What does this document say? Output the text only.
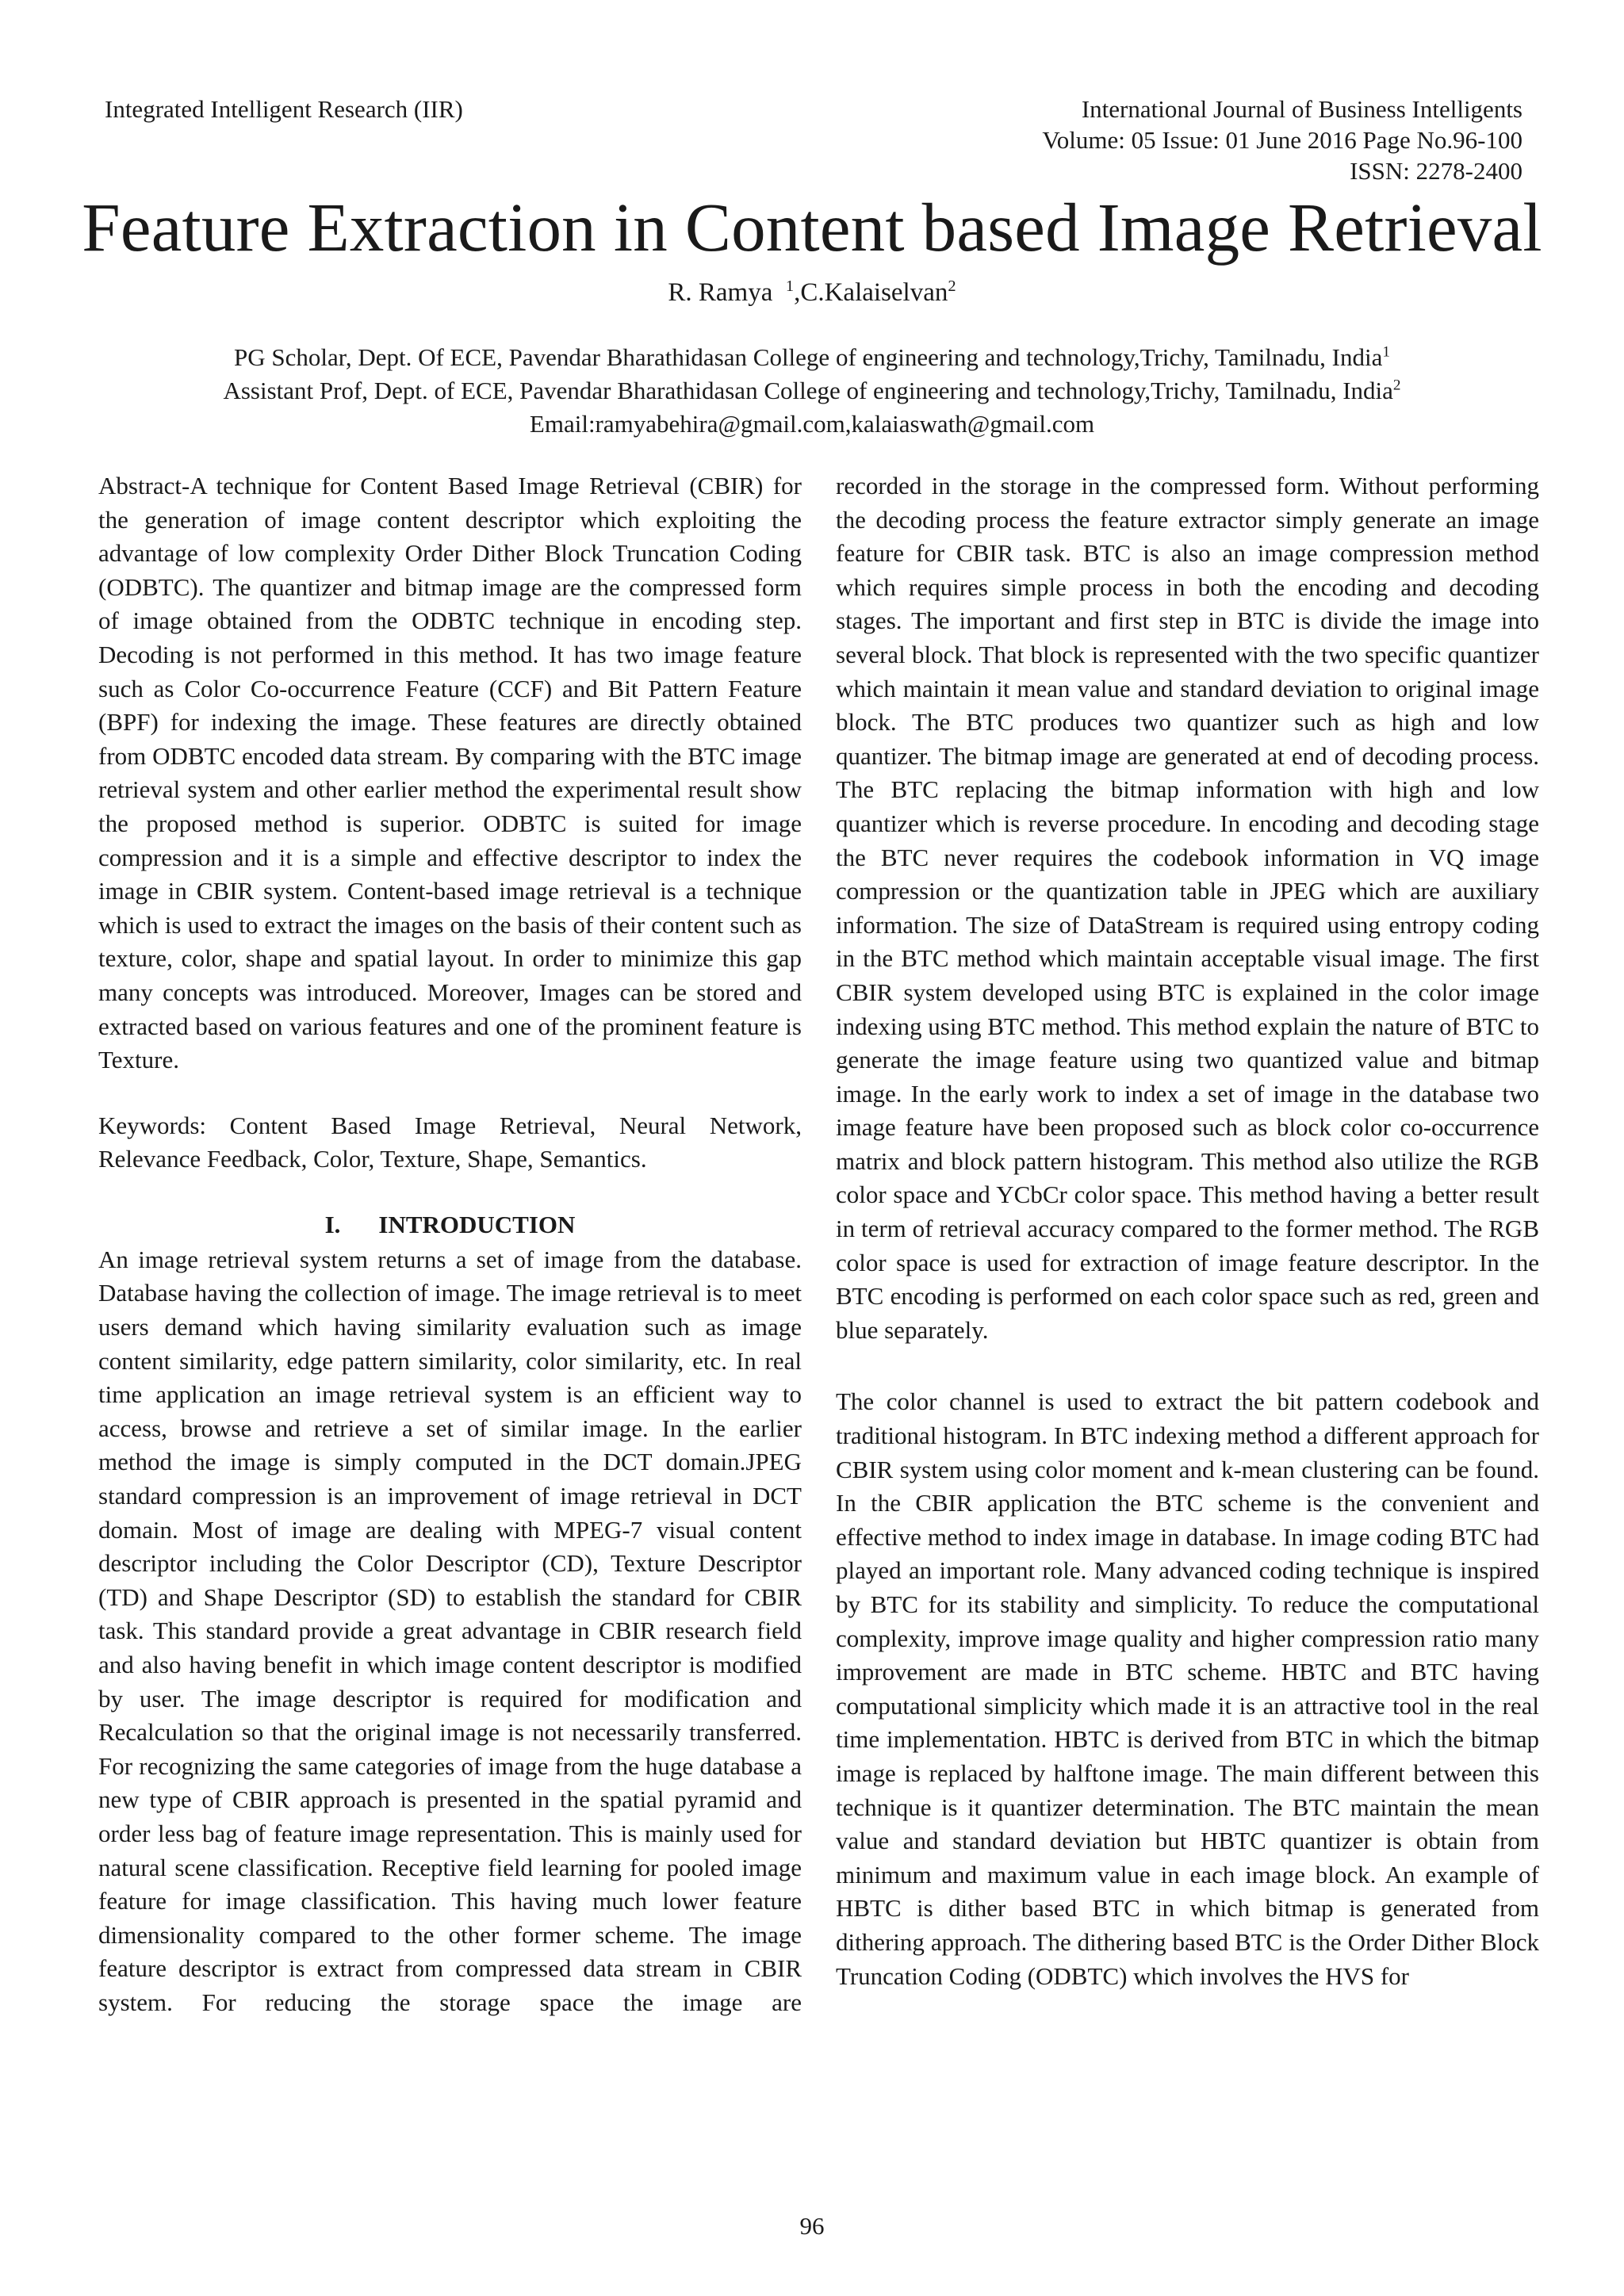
Integrated Intelligent Research (IIR)	International Journal of Business Intelligents
Volume: 05 Issue: 01 June 2016 Page No.96-100
ISSN: 2278-2400
Feature Extraction in Content based Image Retrieval
R. Ramya $^1$,C.Kalaiselvan$^2$
PG Scholar, Dept. Of ECE, Pavendar Bharathidasan College of engineering and technology,Trichy, Tamilnadu, India$^1$
Assistant Prof, Dept. of ECE, Pavendar Bharathidasan College of engineering and technology,Trichy, Tamilnadu, India$^2$
Email:ramyabehira@gmail.com,kalaiaswath@gmail.com

Abstract-A technique for Content Based Image Retrieval (CBIR) for the generation of image content descriptor which exploiting the advantage of low complexity Order Dither Block Truncation Coding (ODBTC). The quantizer and bitmap image are the compressed form of image obtained from the ODBTC technique in encoding step. Decoding is not performed in this method. It has two image feature such as Color Co-occurrence Feature (CCF) and Bit Pattern Feature (BPF) for indexing the image. These features are directly obtained from ODBTC encoded data stream. By comparing with the BTC image retrieval system and other earlier method the experimental result show the proposed method is superior. ODBTC is suited for image compression and it is a simple and effective descriptor to index the image in CBIR system. Content-based image retrieval is a technique which is used to extract the images on the basis of their content such as texture, color, shape and spatial layout. In order to minimize this gap many concepts was introduced. Moreover, Images can be stored and extracted based on various features and one of the prominent feature is Texture.

Keywords: Content Based Image Retrieval, Neural Network, Relevance Feedback, Color, Texture, Shape, Semantics.

I. INTRODUCTION

An image retrieval system returns a set of image from the database. Database having the collection of image. The image retrieval is to meet users demand which having similarity evaluation such as image content similarity, edge pattern similarity, color similarity, etc. In real time application an image retrieval system is an efficient way to access, browse and retrieve a set of similar image. In the earlier method the image is simply computed in the DCT domain.JPEG standard compression is an improvement of image retrieval in DCT domain. Most of image are dealing with MPEG-7 visual content descriptor including the Color Descriptor (CD), Texture Descriptor (TD) and Shape Descriptor (SD) to establish the standard for CBIR task. This standard provide a great advantage in CBIR research field and also having benefit in which image content descriptor is modified by user. The image descriptor is required for modification and Recalculation so that the original image is not necessarily transferred. For recognizing the same categories of image from the huge database a new type of CBIR approach is presented in the spatial pyramid and order less bag of feature image representation. This is mainly used for natural scene classification. Receptive field learning for pooled image feature for image classification. This having much lower feature dimensionality compared to the other former scheme. The image feature descriptor is extract from compressed data stream in CBIR system. For reducing the storage space the image are

recorded in the storage in the compressed form. Without performing the decoding process the feature extractor simply generate an image feature for CBIR task. BTC is also an image compression method which requires simple process in both the encoding and decoding stages. The important and first step in BTC is divide the image into several block. That block is represented with the two specific quantizer which maintain it mean value and standard deviation to original image block. The BTC produces two quantizer such as high and low quantizer. The bitmap image are generated at end of decoding process. The BTC replacing the bitmap information with high and low quantizer which is reverse procedure. In encoding and decoding stage the BTC never requires the codebook information in VQ image compression or the quantization table in JPEG which are auxiliary information. The size of DataStream is required using entropy coding in the BTC method which maintain acceptable visual image. The first CBIR system developed using BTC is explained in the color image indexing using BTC method. This method explain the nature of BTC to generate the image feature using two quantized value and bitmap image. In the early work to index a set of image in the database two image feature have been proposed such as block color co-occurrence matrix and block pattern histogram. This method also utilize the RGB color space and YCbCr color space. This method having a better result in term of retrieval accuracy compared to the former method. The RGB color space is used for extraction of image feature descriptor. In the BTC encoding is performed on each color space such as red, green and blue separately.

The color channel is used to extract the bit pattern codebook and traditional histogram. In BTC indexing method a different approach for CBIR system using color moment and k-mean clustering can be found. In the CBIR application the BTC scheme is the convenient and effective method to index image in database. In image coding BTC had played an important role. Many advanced coding technique is inspired by BTC for its stability and simplicity. To reduce the computational complexity, improve image quality and higher compression ratio many improvement are made in BTC scheme. HBTC and BTC having computational simplicity which made it is an attractive tool in the real time implementation. HBTC is derived from BTC in which the bitmap image is replaced by halftone image. The main different between this technique is it quantizer determination. The BTC maintain the mean value and standard deviation but HBTC quantizer is obtain from minimum and maximum value in each image block. An example of HBTC is dither based BTC in which bitmap is generated from dithering approach. The dithering based BTC is the Order Dither Block Truncation Coding (ODBTC) which involves the HVS for

96
